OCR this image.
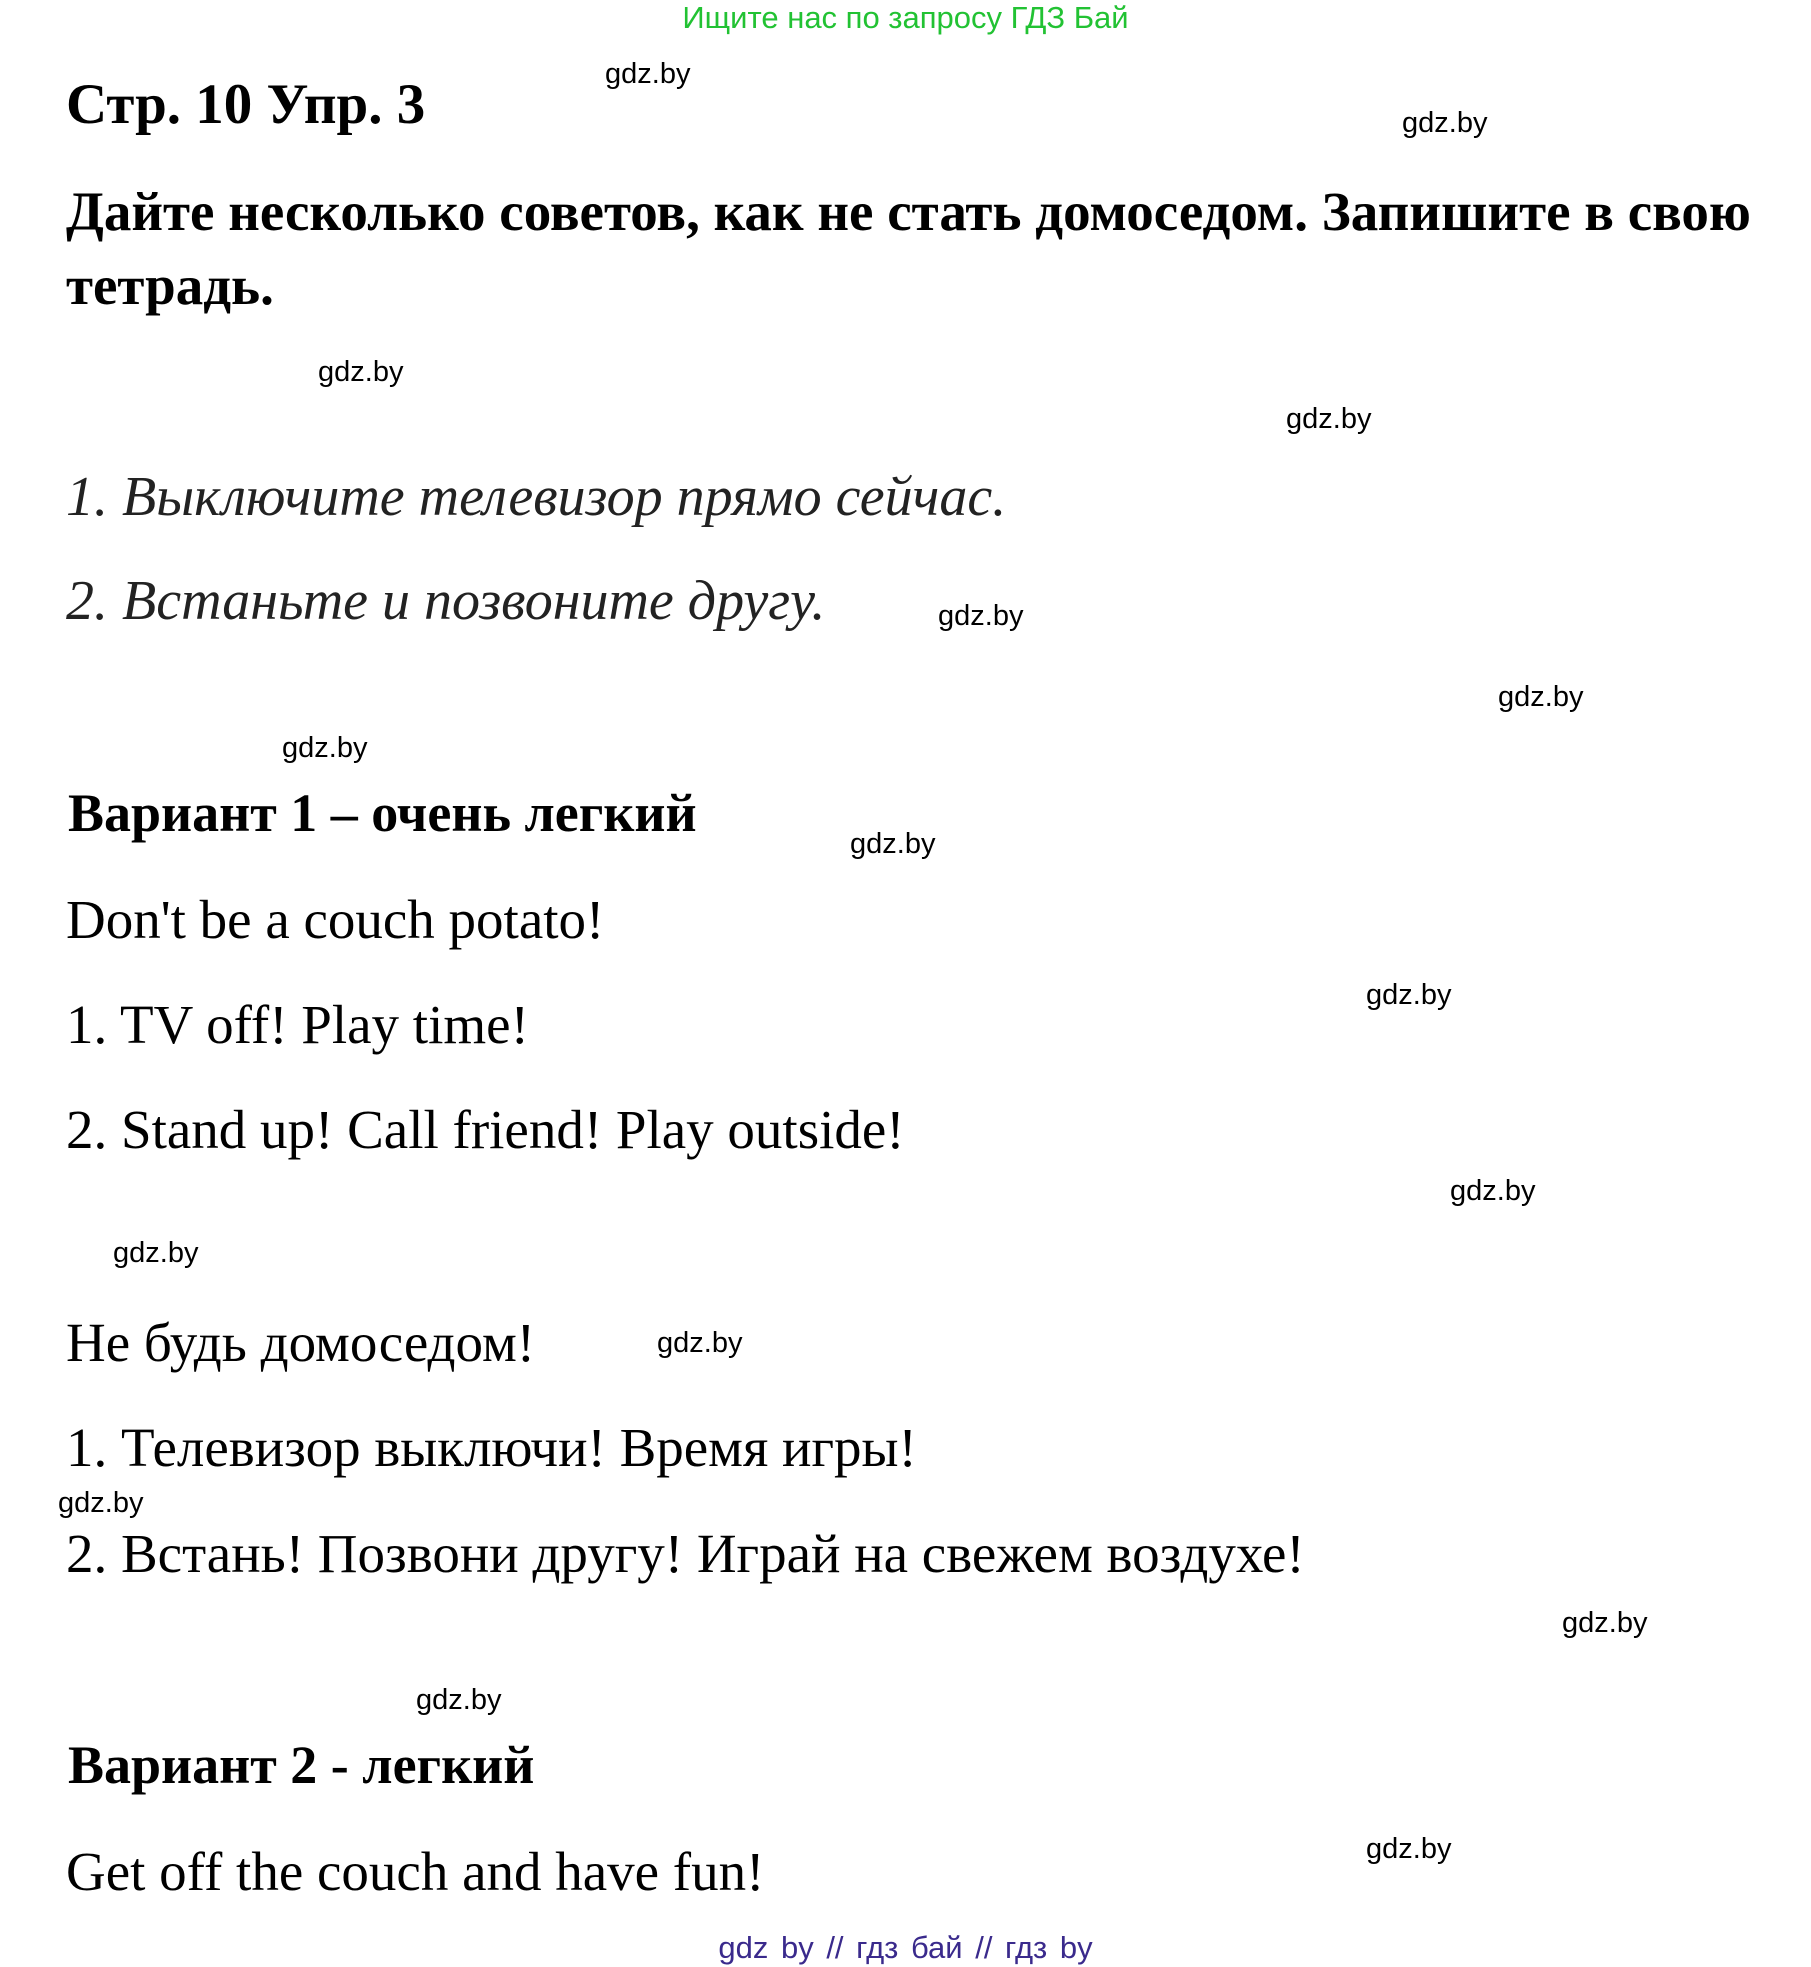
Ищите нас по запросу ГДЗ Бай
Стр. 10 Упр. 3
Дайте несколько советов, как не стать домоседом. Запишите в свою тетрадь.
1. Выключите телевизор прямо сейчас.
2. Встаньте и позвоните другу.
Вариант 1 – очень легкий
Don't be a couch potato!
1. TV off! Play time!
2. Stand up! Call friend! Play outside!
Не будь домоседом!
1. Телевизор выключи! Время игры!
2. Встань! Позвони другу! Играй на свежем воздухе!
Вариант 2 - легкий
Get off the couch and have fun!
gdz.by
gdz.by
gdz.by
gdz.by
gdz.by
gdz.by
gdz.by
gdz.by
gdz.by
gdz.by
gdz.by
gdz.by
gdz.by
gdz.by
gdz.by
gdz.by
gdz by // гдз бай // гдз by
